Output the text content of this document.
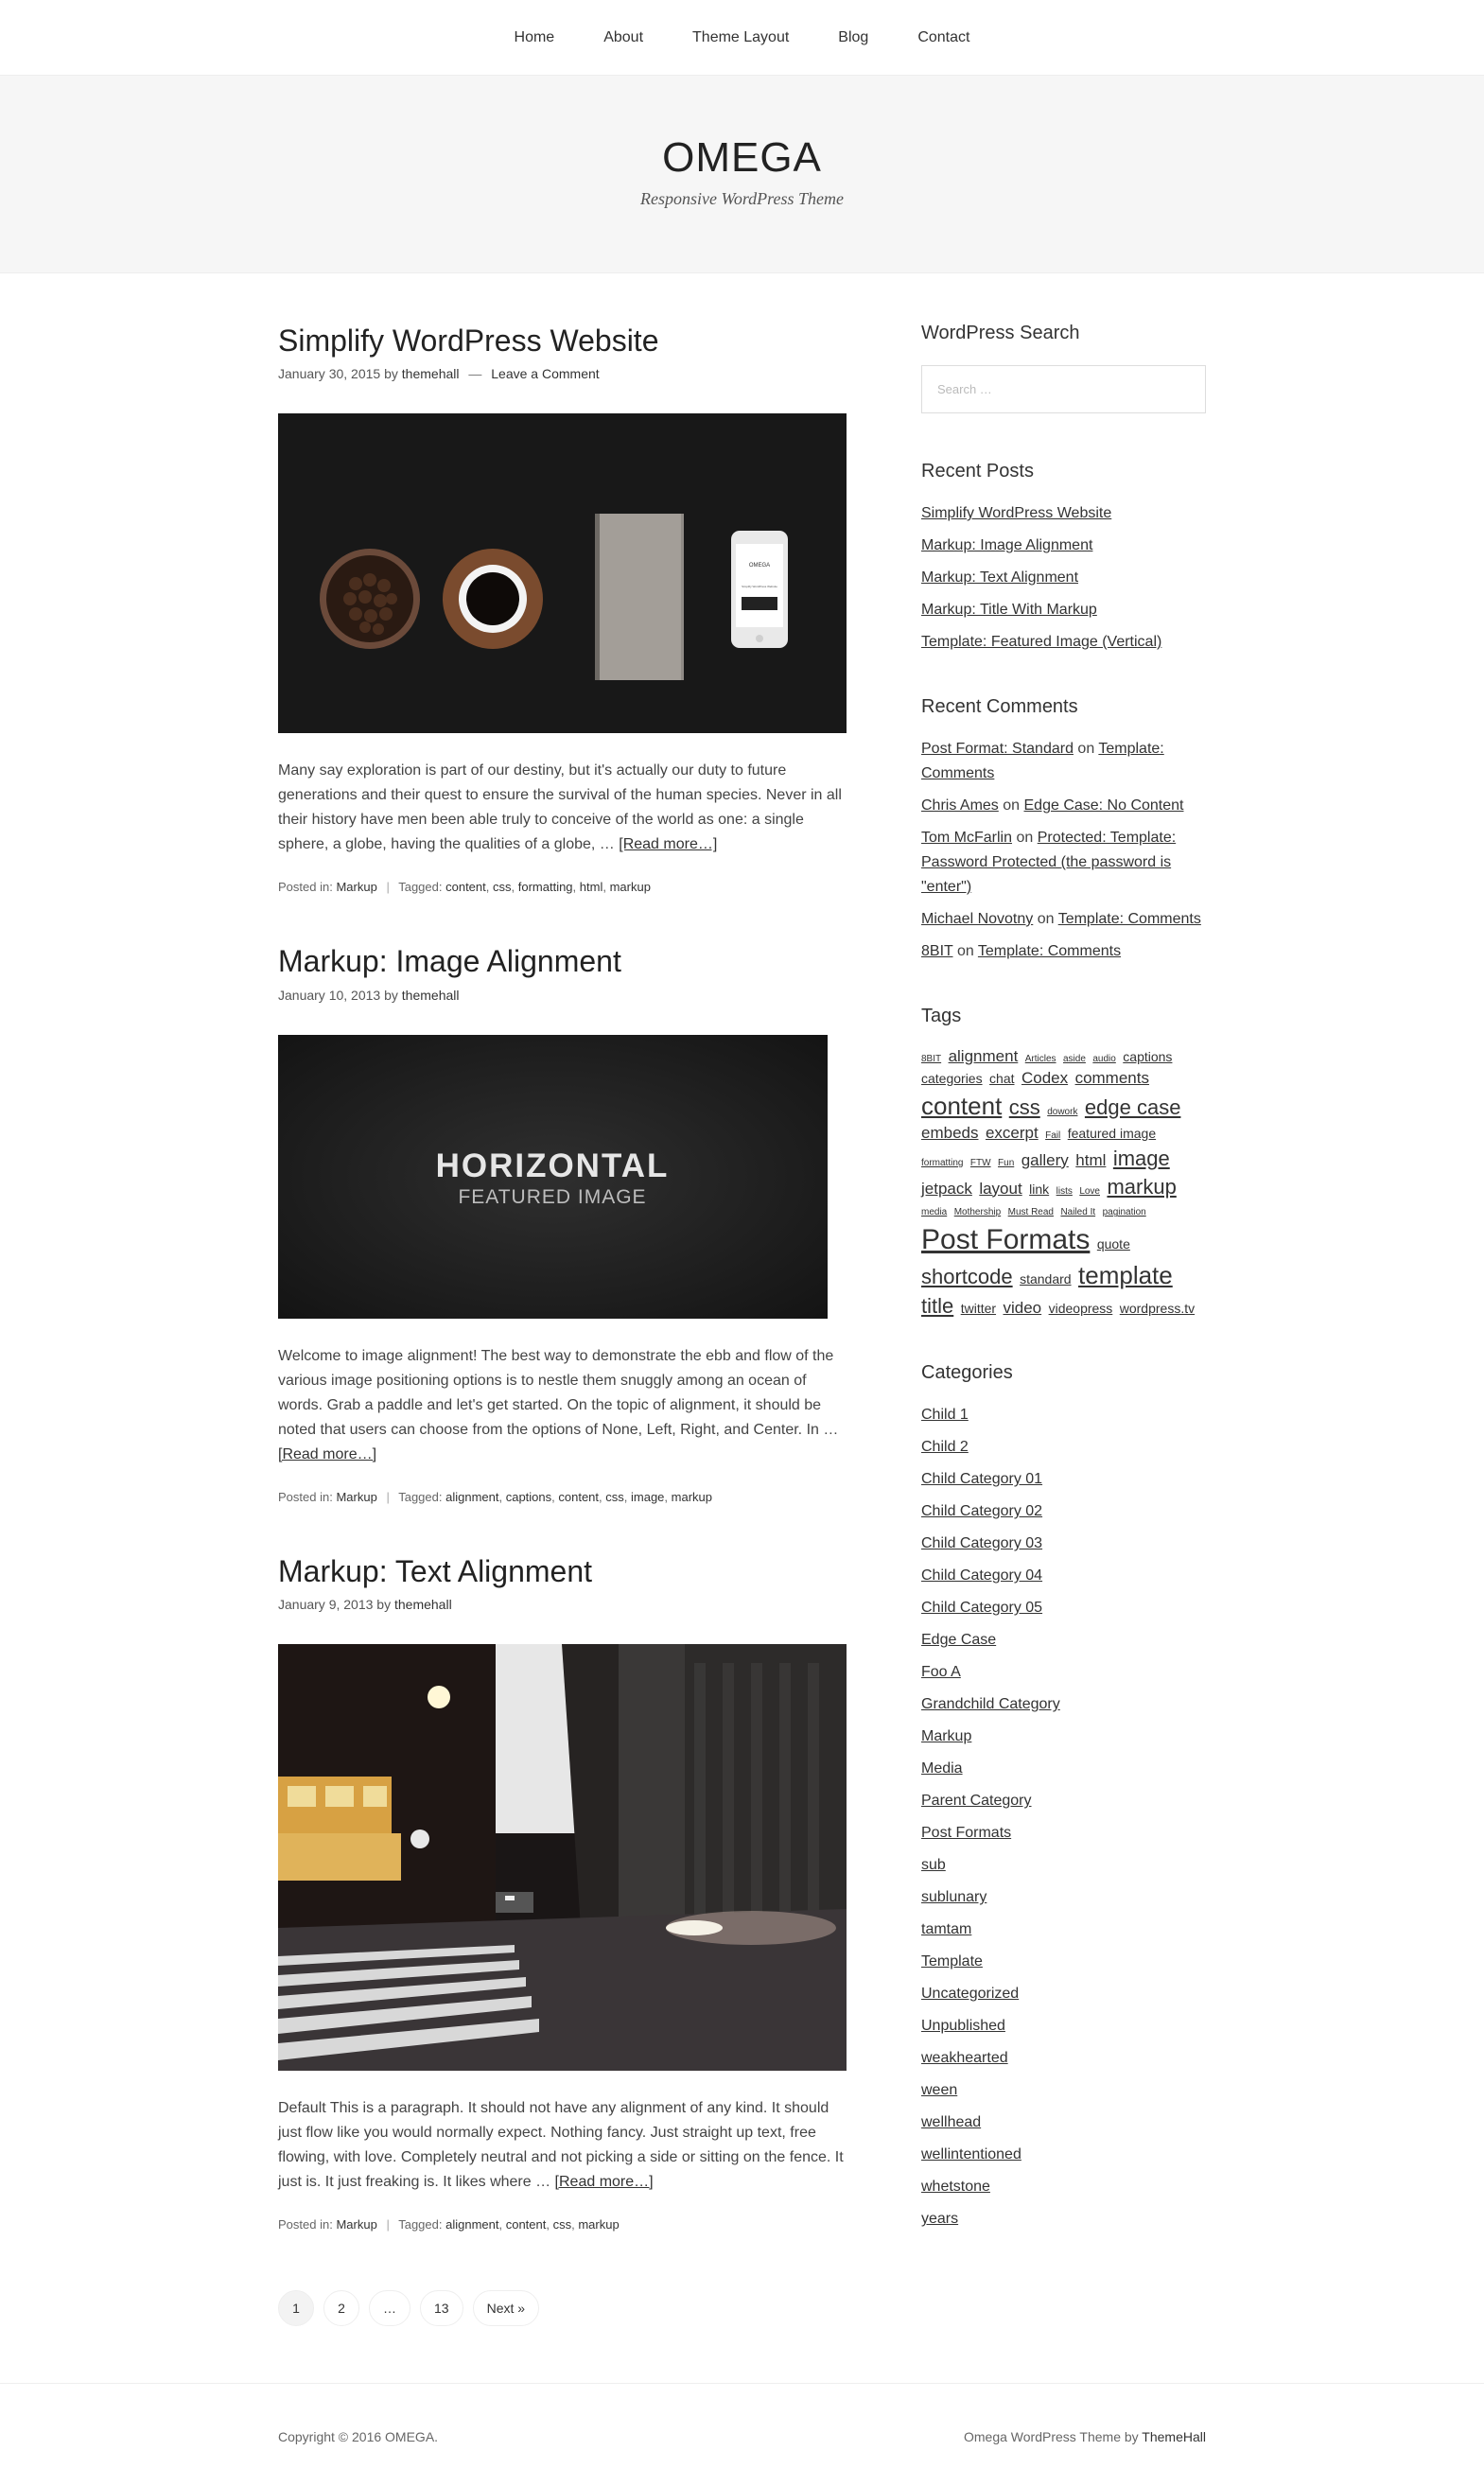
Home	About	Theme Layout	Blog	Contact
OMEGA
Responsive WordPress Theme
Simplify WordPress Website
January 30, 2015 by themehall — Leave a Comment
OMEGA
Simplify WordPress Website

Many say exploration is part of our destiny, but it's actually our duty to future generations and their quest to ensure the survival of the human species. Never in all their history have men been able truly to conceive of the world as one: a single sphere, a globe, having the qualities of a globe, … [Read more…]

Posted in: Markup | Tagged: content, css, formatting, html, markup
Markup: Image Alignment
January 10, 2013 by themehall
HORIZONTAL
FEATURED IMAGE

Welcome to image alignment! The best way to demonstrate the ebb and flow of the various image positioning options is to nestle them snuggly among an ocean of words. Grab a paddle and let's get started. On the topic of alignment, it should be noted that users can choose from the options of None, Left, Right, and Center. In … [Read more…]

Posted in: Markup | Tagged: alignment, captions, content, css, image, markup
Markup: Text Alignment
January 9, 2013 by themehall

Default This is a paragraph. It should not have any alignment of any kind. It should just flow like you would normally expect. Nothing fancy. Just straight up text, free flowing, with love. Completely neutral and not picking a side or sitting on the fence. It just is. It just freaking is. It likes where … [Read more…]

Posted in: Markup | Tagged: alignment, content, css, markup
1	2	…	13	Next »
WordPress Search
Search …
Recent Posts
Simplify WordPress Website
Markup: Image Alignment
Markup: Text Alignment
Markup: Title With Markup
Template: Featured Image (Vertical)
Recent Comments
Post Format: Standard on Template: Comments
Chris Ames on Edge Case: No Content
Tom McFarlin on Protected: Template: Password Protected (the password is "enter")
Michael Novotny on Template: Comments
8BIT on Template: Comments
Tags
8BIT alignment Articles aside audio captions categories chat Codex comments content css dowork edge case embeds excerpt Fail featured image formatting FTW Fun gallery html image jetpack layout link lists Love markup media Mothership Must Read Nailed It pagination Post Formats quote shortcode standard template title twitter video videopress wordpress.tv
Categories
Child 1
Child 2
Child Category 01
Child Category 02
Child Category 03
Child Category 04
Child Category 05
Edge Case
Foo A
Grandchild Category
Markup
Media
Parent Category
Post Formats
sub
sublunary
tamtam
Template
Uncategorized
Unpublished
weakhearted
ween
wellhead
wellintentioned
whetstone
years
Copyright © 2016 OMEGA.	Omega WordPress Theme by ThemeHall
